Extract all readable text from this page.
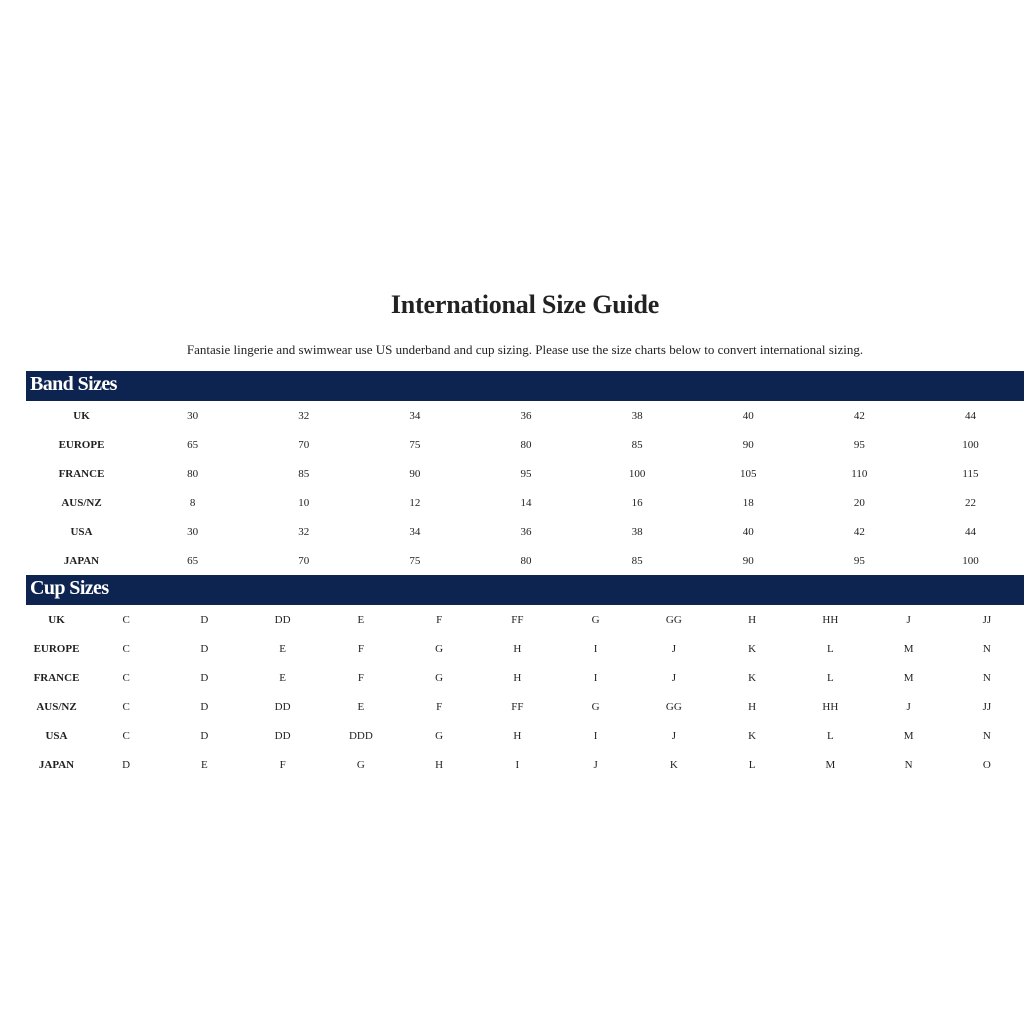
International Size Guide
Fantasie lingerie and swimwear use US underband and cup sizing. Please use the size charts below to convert international sizing.
Band Sizes
UK	30	32	34	36	38	40	42	44
EUROPE	65	70	75	80	85	90	95	100
FRANCE	80	85	90	95	100	105	110	115
AUS/NZ	8	10	12	14	16	18	20	22
USA	30	32	34	36	38	40	42	44
JAPAN	65	70	75	80	85	90	95	100
Cup Sizes
UK	C	D	DD	E	F	FF	G	GG	H	HH	J	JJ
EUROPE	C	D	E	F	G	H	I	J	K	L	M	N
FRANCE	C	D	E	F	G	H	I	J	K	L	M	N
AUS/NZ	C	D	DD	E	F	FF	G	GG	H	HH	J	JJ
USA	C	D	DD	DDD	G	H	I	J	K	L	M	N
JAPAN	D	E	F	G	H	I	J	K	L	M	N	O
